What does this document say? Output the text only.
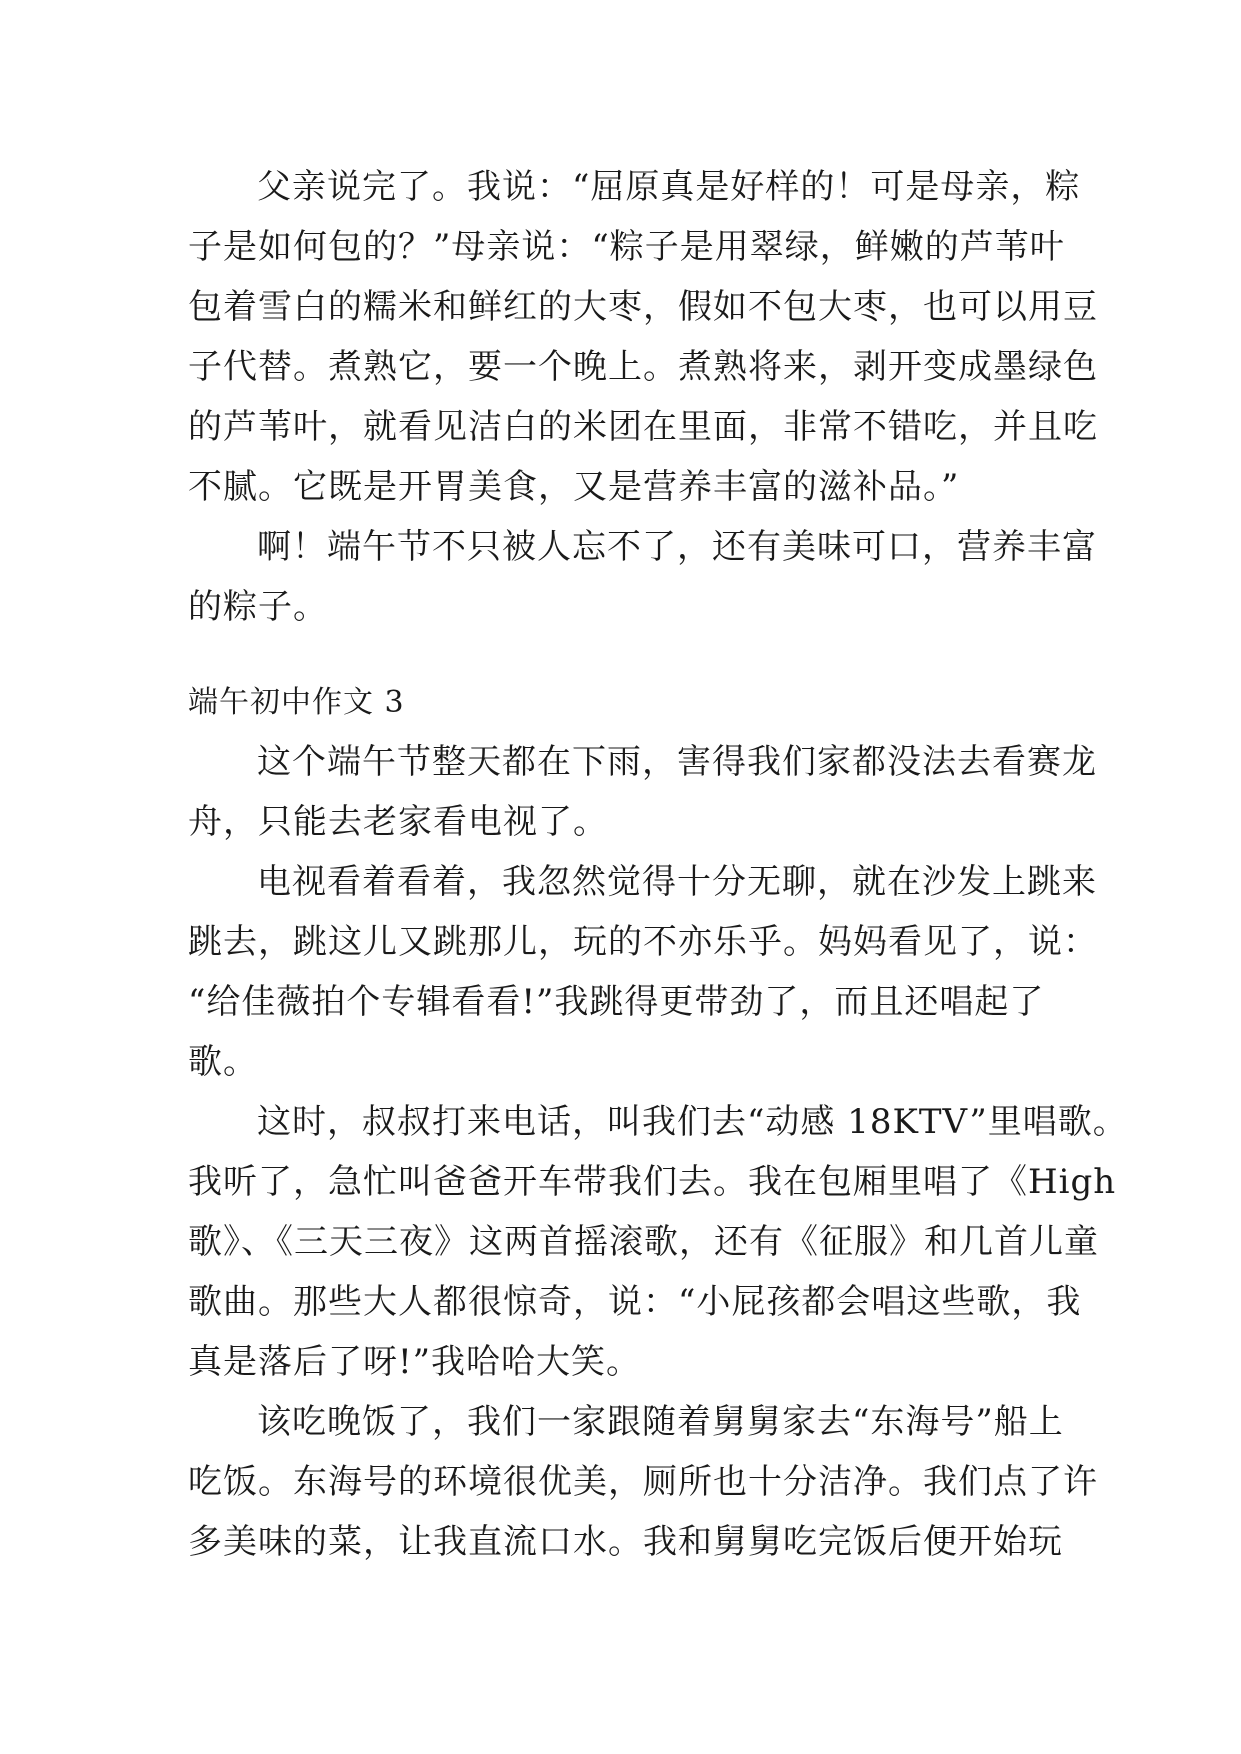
父亲说完了。我说：“屈原真是好样的！可是母亲，粽
子是如何包的？”母亲说：“粽子是用翠绿，鲜嫩的芦苇叶
包着雪白的糯米和鲜红的大枣，假如不包大枣，也可以用豆
子代替。煮熟它，要一个晚上。煮熟将来，剥开变成墨绿色
的芦苇叶，就看见洁白的米团在里面，非常不错吃，并且吃
不腻。它既是开胃美食，又是营养丰富的滋补品。”
啊！端午节不只被人忘不了，还有美味可口，营养丰富
的粽子。
端午初中作文 3
这个端午节整天都在下雨，害得我们家都没法去看赛龙
舟，只能去老家看电视了。
电视看着看着，我忽然觉得十分无聊，就在沙发上跳来
跳去，跳这儿又跳那儿，玩的不亦乐乎。妈妈看见了，说：
“给佳薇拍个专辑看看!”我跳得更带劲了，而且还唱起了
歌。
这时，叔叔打来电话，叫我们去“动感 18KTV”里唱歌。
我听了，急忙叫爸爸开车带我们去。我在包厢里唱了《High
歌》、《三天三夜》这两首摇滚歌，还有《征服》和几首儿童
歌曲。那些大人都很惊奇，说：“小屁孩都会唱这些歌，我
真是落后了呀!”我哈哈大笑。
该吃晚饭了，我们一家跟随着舅舅家去“东海号”船上
吃饭。东海号的环境很优美，厕所也十分洁净。我们点了许
多美味的菜，让我直流口水。我和舅舅吃完饭后便开始玩
